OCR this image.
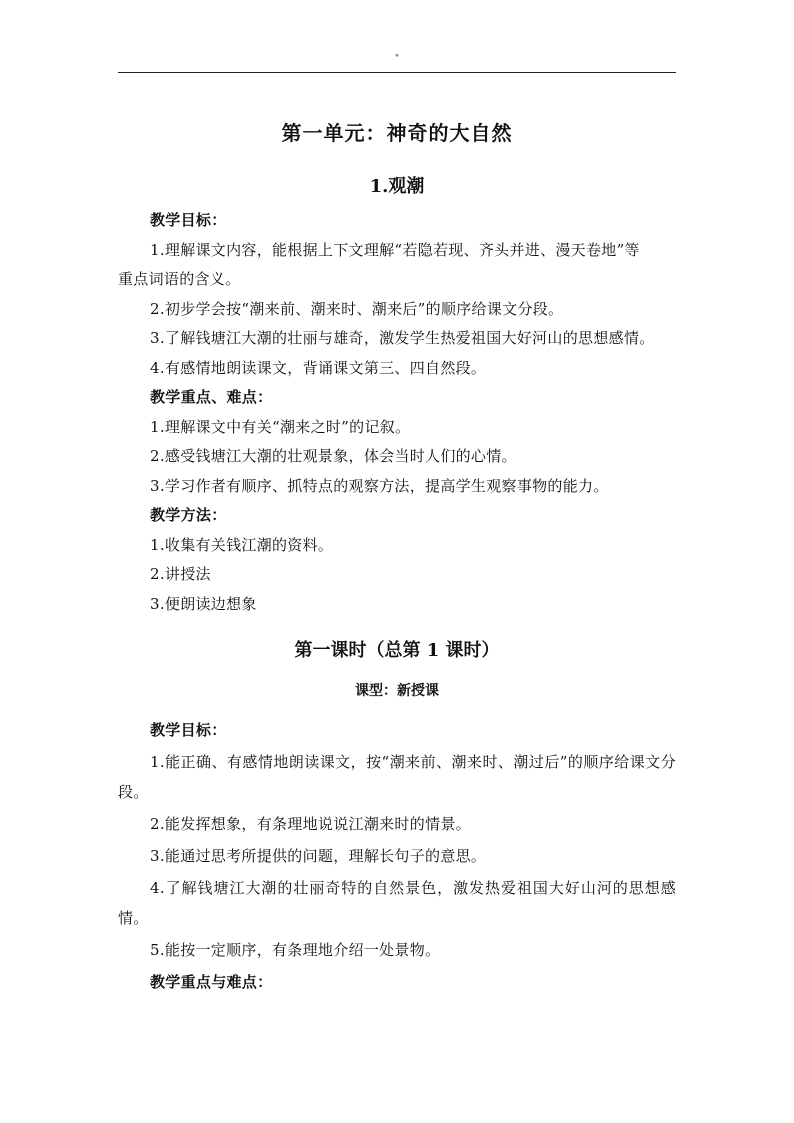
"
第一单元：神奇的大自然
1.观潮
教学目标：
1.理解课文内容，能根据上下文理解“若隐若现、齐头并进、漫天卷地”等
重点词语的含义。
2.初步学会按“潮来前、潮来时、潮来后”的顺序给课文分段。
3.了解钱塘江大潮的壮丽与雄奇，激发学生热爱祖国大好河山的思想感情。
4.有感情地朗读课文，背诵课文第三、四自然段。
教学重点、难点：
1.理解课文中有关“潮来之时”的记叙。
2.感受钱塘江大潮的壮观景象，体会当时人们的心情。
3.学习作者有顺序、抓特点的观察方法，提高学生观察事物的能力。
教学方法：
1.收集有关钱江潮的资料。
2.讲授法
3.便朗读边想象
第一课时（总第 1 课时）
课型：新授课

教学目标：

1.能正确、有感情地朗读课文，按“潮来前、潮来时、潮过后”的顺序给课文分段。

2.能发挥想象，有条理地说说江潮来时的情景。

3.能通过思考所提供的问题，理解长句子的意思。

4.了解钱塘江大潮的壮丽奇特的自然景色，激发热爱祖国大好山河的思想感情。

5.能按一定顺序，有条理地介绍一处景物。

教学重点与难点：
